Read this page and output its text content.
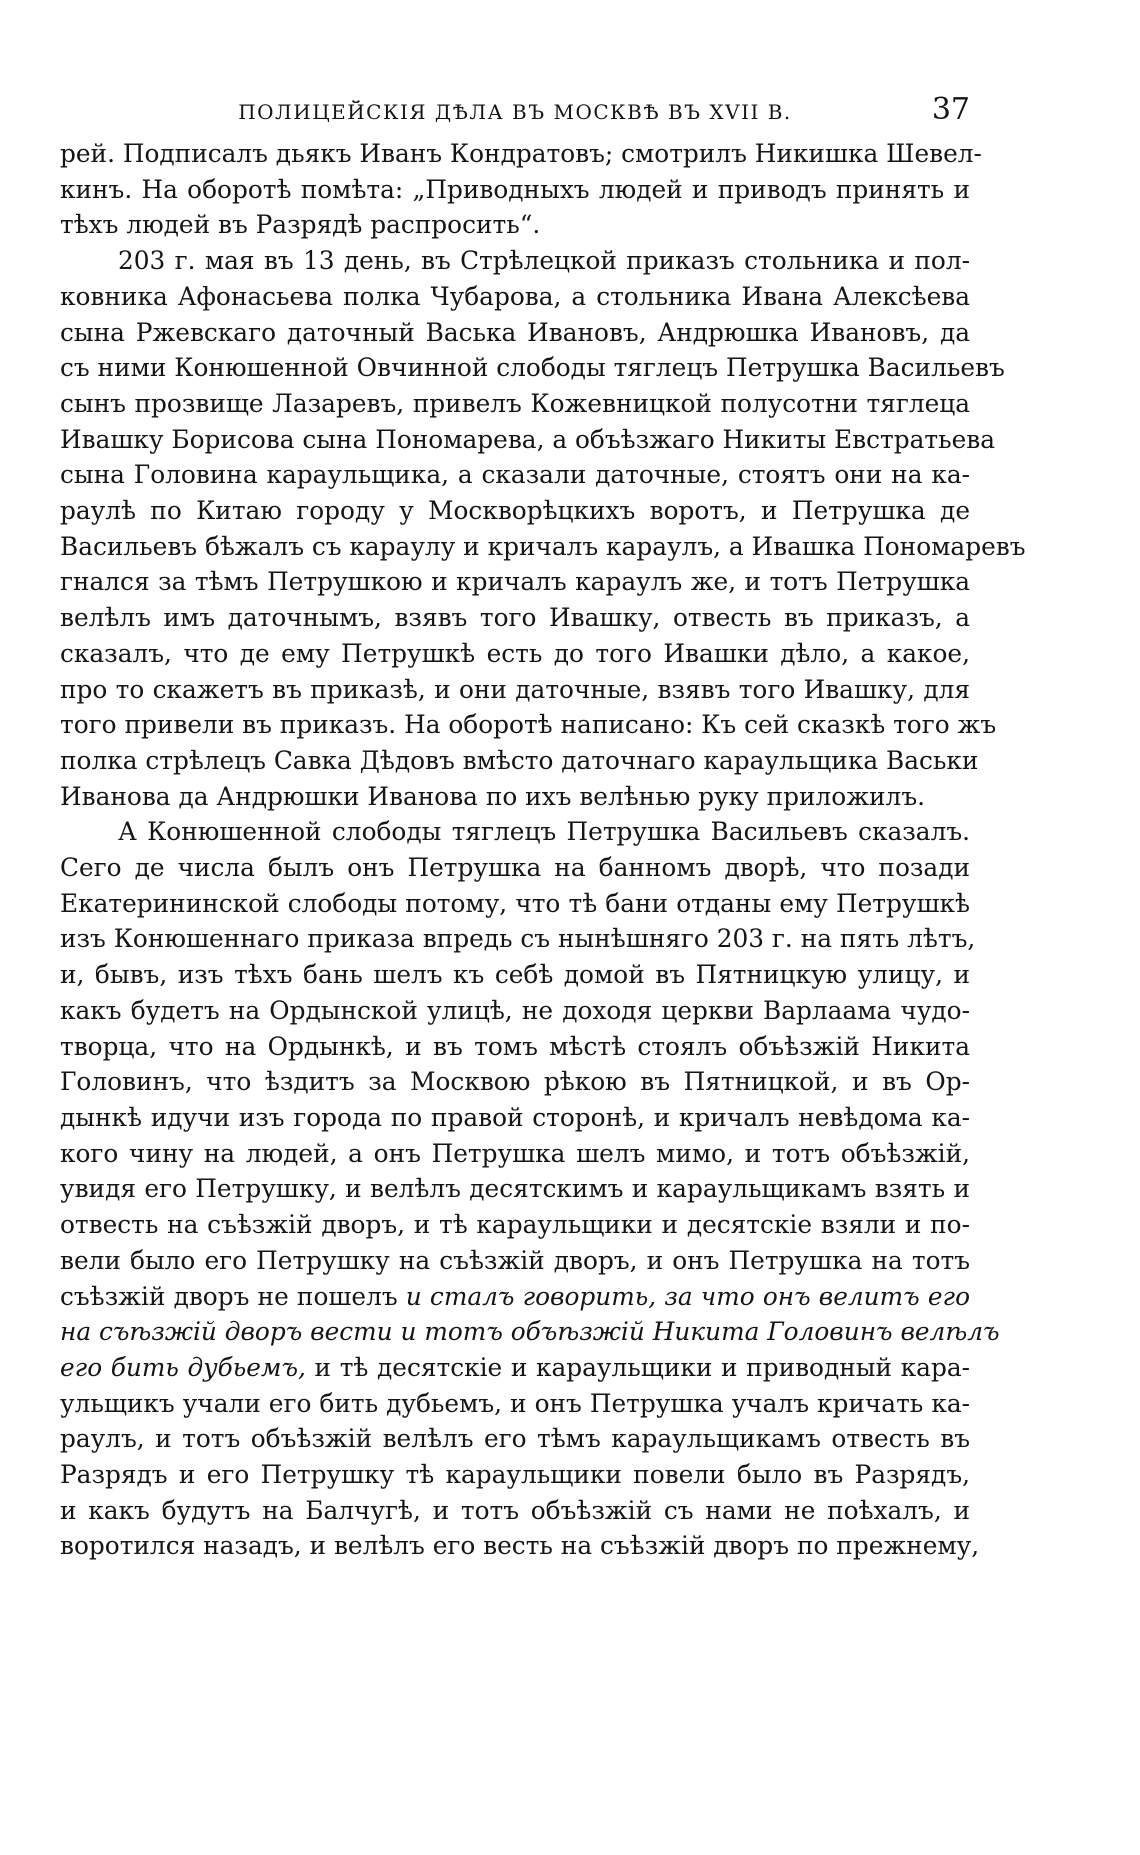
ПОЛИЦЕЙСКІЯ ДѢЛА ВЪ МОСКВѢ ВЪ XVII В.	37
рей. Подписалъ дьякъ Иванъ Кондратовъ; смотрилъ Никишка Шевел-
кинъ. На оборотѣ помѣта: „Приводныхъ людей и приводъ принять и
тѣхъ людей въ Разрядѣ распросить“.
203 г. мая въ 13 день, въ Стрѣлецкой приказъ стольника и пол-
ковника Афонасьева полка Чубарова, а стольника Ивана Алексѣева
сына Ржевскаго даточный Васька Ивановъ, Андрюшка Ивановъ, да
съ ними Конюшенной Овчинной слободы тяглецъ Петрушка Васильевъ
сынъ прозвище Лазаревъ, привелъ Кожевницкой полусотни тяглеца
Ивашку Борисова сына Пономарева, а объѣзжаго Никиты Евстратьева
сына Головина караульщика, а сказали даточные, стоятъ они на ка-
раулѣ по Китаю городу у Москворѣцкихъ воротъ, и Петрушка де
Васильевъ бѣжалъ съ караулу и кричалъ караулъ, а Ивашка Пономаревъ
гнался за тѣмъ Петрушкою и кричалъ караулъ же, и тотъ Петрушка
велѣлъ имъ даточнымъ, взявъ того Ивашку, отвесть въ приказъ, а
сказалъ, что де ему Петрушкѣ есть до того Ивашки дѣло, а какое,
про то скажетъ въ приказѣ, и они даточные, взявъ того Ивашку, для
того привели въ приказъ. На оборотѣ написано: Къ сей сказкѣ того жъ
полка стрѣлецъ Савка Дѣдовъ вмѣсто даточнаго караульщика Васьки
Иванова да Андрюшки Иванова по ихъ велѣнью руку приложилъ.
А Конюшенной слободы тяглецъ Петрушка Васильевъ сказалъ.
Сего де числа былъ онъ Петрушка на банномъ дворѣ, что позади
Екатерининской слободы потому, что тѣ бани отданы ему Петрушкѣ
изъ Конюшеннаго приказа впредь съ нынѣшняго 203 г. на пять лѣтъ,
и, бывъ, изъ тѣхъ бань шелъ къ себѣ домой въ Пятницкую улицу, и
какъ будетъ на Ордынской улицѣ, не доходя церкви Варлаама чудо-
творца, что на Ордынкѣ, и въ томъ мѣстѣ стоялъ объѣзжій Никита
Головинъ, что ѣздитъ за Москвою рѣкою въ Пятницкой, и въ Ор-
дынкѣ идучи изъ города по правой сторонѣ, и кричалъ невѣдома ка-
кого чину на людей, а онъ Петрушка шелъ мимо, и тотъ объѣзжій,
увидя его Петрушку, и велѣлъ десятскимъ и караульщикамъ взять и
отвесть на съѣзжій дворъ, и тѣ караульщики и десятскіе взяли и по-
вели было его Петрушку на съѣзжій дворъ, и онъ Петрушка на тотъ
съѣзжій дворъ не пошелъ и сталъ говорить, за что онъ велитъ его
на съѣзжій дворъ вести и тотъ объѣзжій Никита Головинъ велѣлъ
его бить дубьемъ, и тѣ десятскіе и караульщики и приводный кара-
ульщикъ учали его бить дубьемъ, и онъ Петрушка учалъ кричать ка-
раулъ, и тотъ объѣзжій велѣлъ его тѣмъ караульщикамъ отвесть въ
Разрядъ и его Петрушку тѣ караульщики повели было въ Разрядъ,
и какъ будутъ на Балчугѣ, и тотъ объѣзжій съ нами не поѣхалъ, и
воротился назадъ, и велѣлъ его весть на съѣзжій дворъ по прежнему,
